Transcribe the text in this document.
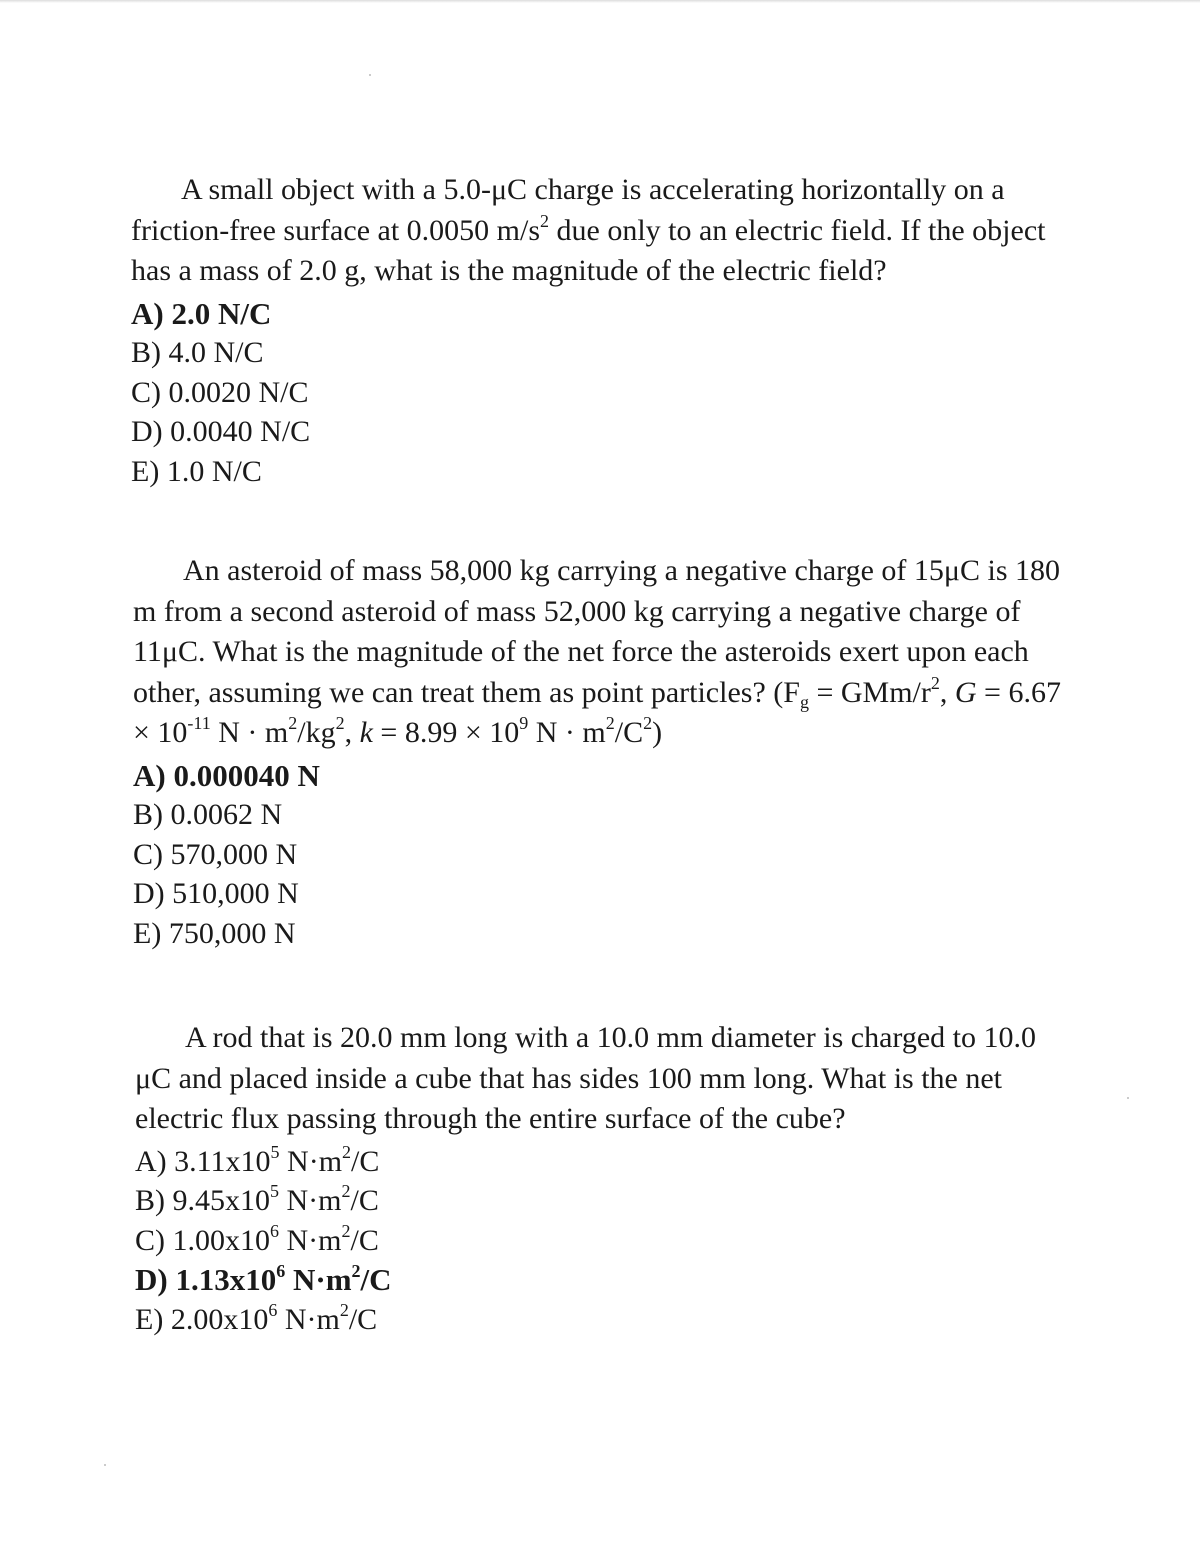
A small object with a 5.0-μC charge is accelerating horizontally on a friction-free surface at 0.0050 $m/s^2$ due only to an electric field. If the object has a mass of 2.0 g, what is the magnitude of the electric field?

A) 2.0 N/C
B) 4.0 N/C
C) 0.0020 N/C
D) 0.0040 N/C
E) 1.0 N/C

An asteroid of mass 58,000 kg carrying a negative charge of 15μC is 180 m from a second asteroid of mass 52,000 kg carrying a negative charge of 11μC. What is the magnitude of the net force the asteroids exert upon each other, assuming we can treat them as point particles? ($F_g = GMm/r^2$, $G = 6.67 \times 10^{-11}$ $N \cdot m^2/kg^2$, $k = 8.99 \times 10^9$ $N \cdot m^2/C^2$)

A) 0.000040 N
B) 0.0062 N
C) 570,000 N
D) 510,000 N
E) 750,000 N

A rod that is 20.0 mm long with a 10.0 mm diameter is charged to 10.0 μC and placed inside a cube that has sides 100 mm long. What is the net electric flux passing through the entire surface of the cube?

A) $3.11x10^5$ $N\cdot m^2/C$
B) $9.45x10^5$ $N\cdot m^2/C$
C) $1.00x10^6$ $N\cdot m^2/C$
D) $1.13x10^6$ $N\cdot m^2/C$
E) $2.00x10^6$ $N\cdot m^2/C$
